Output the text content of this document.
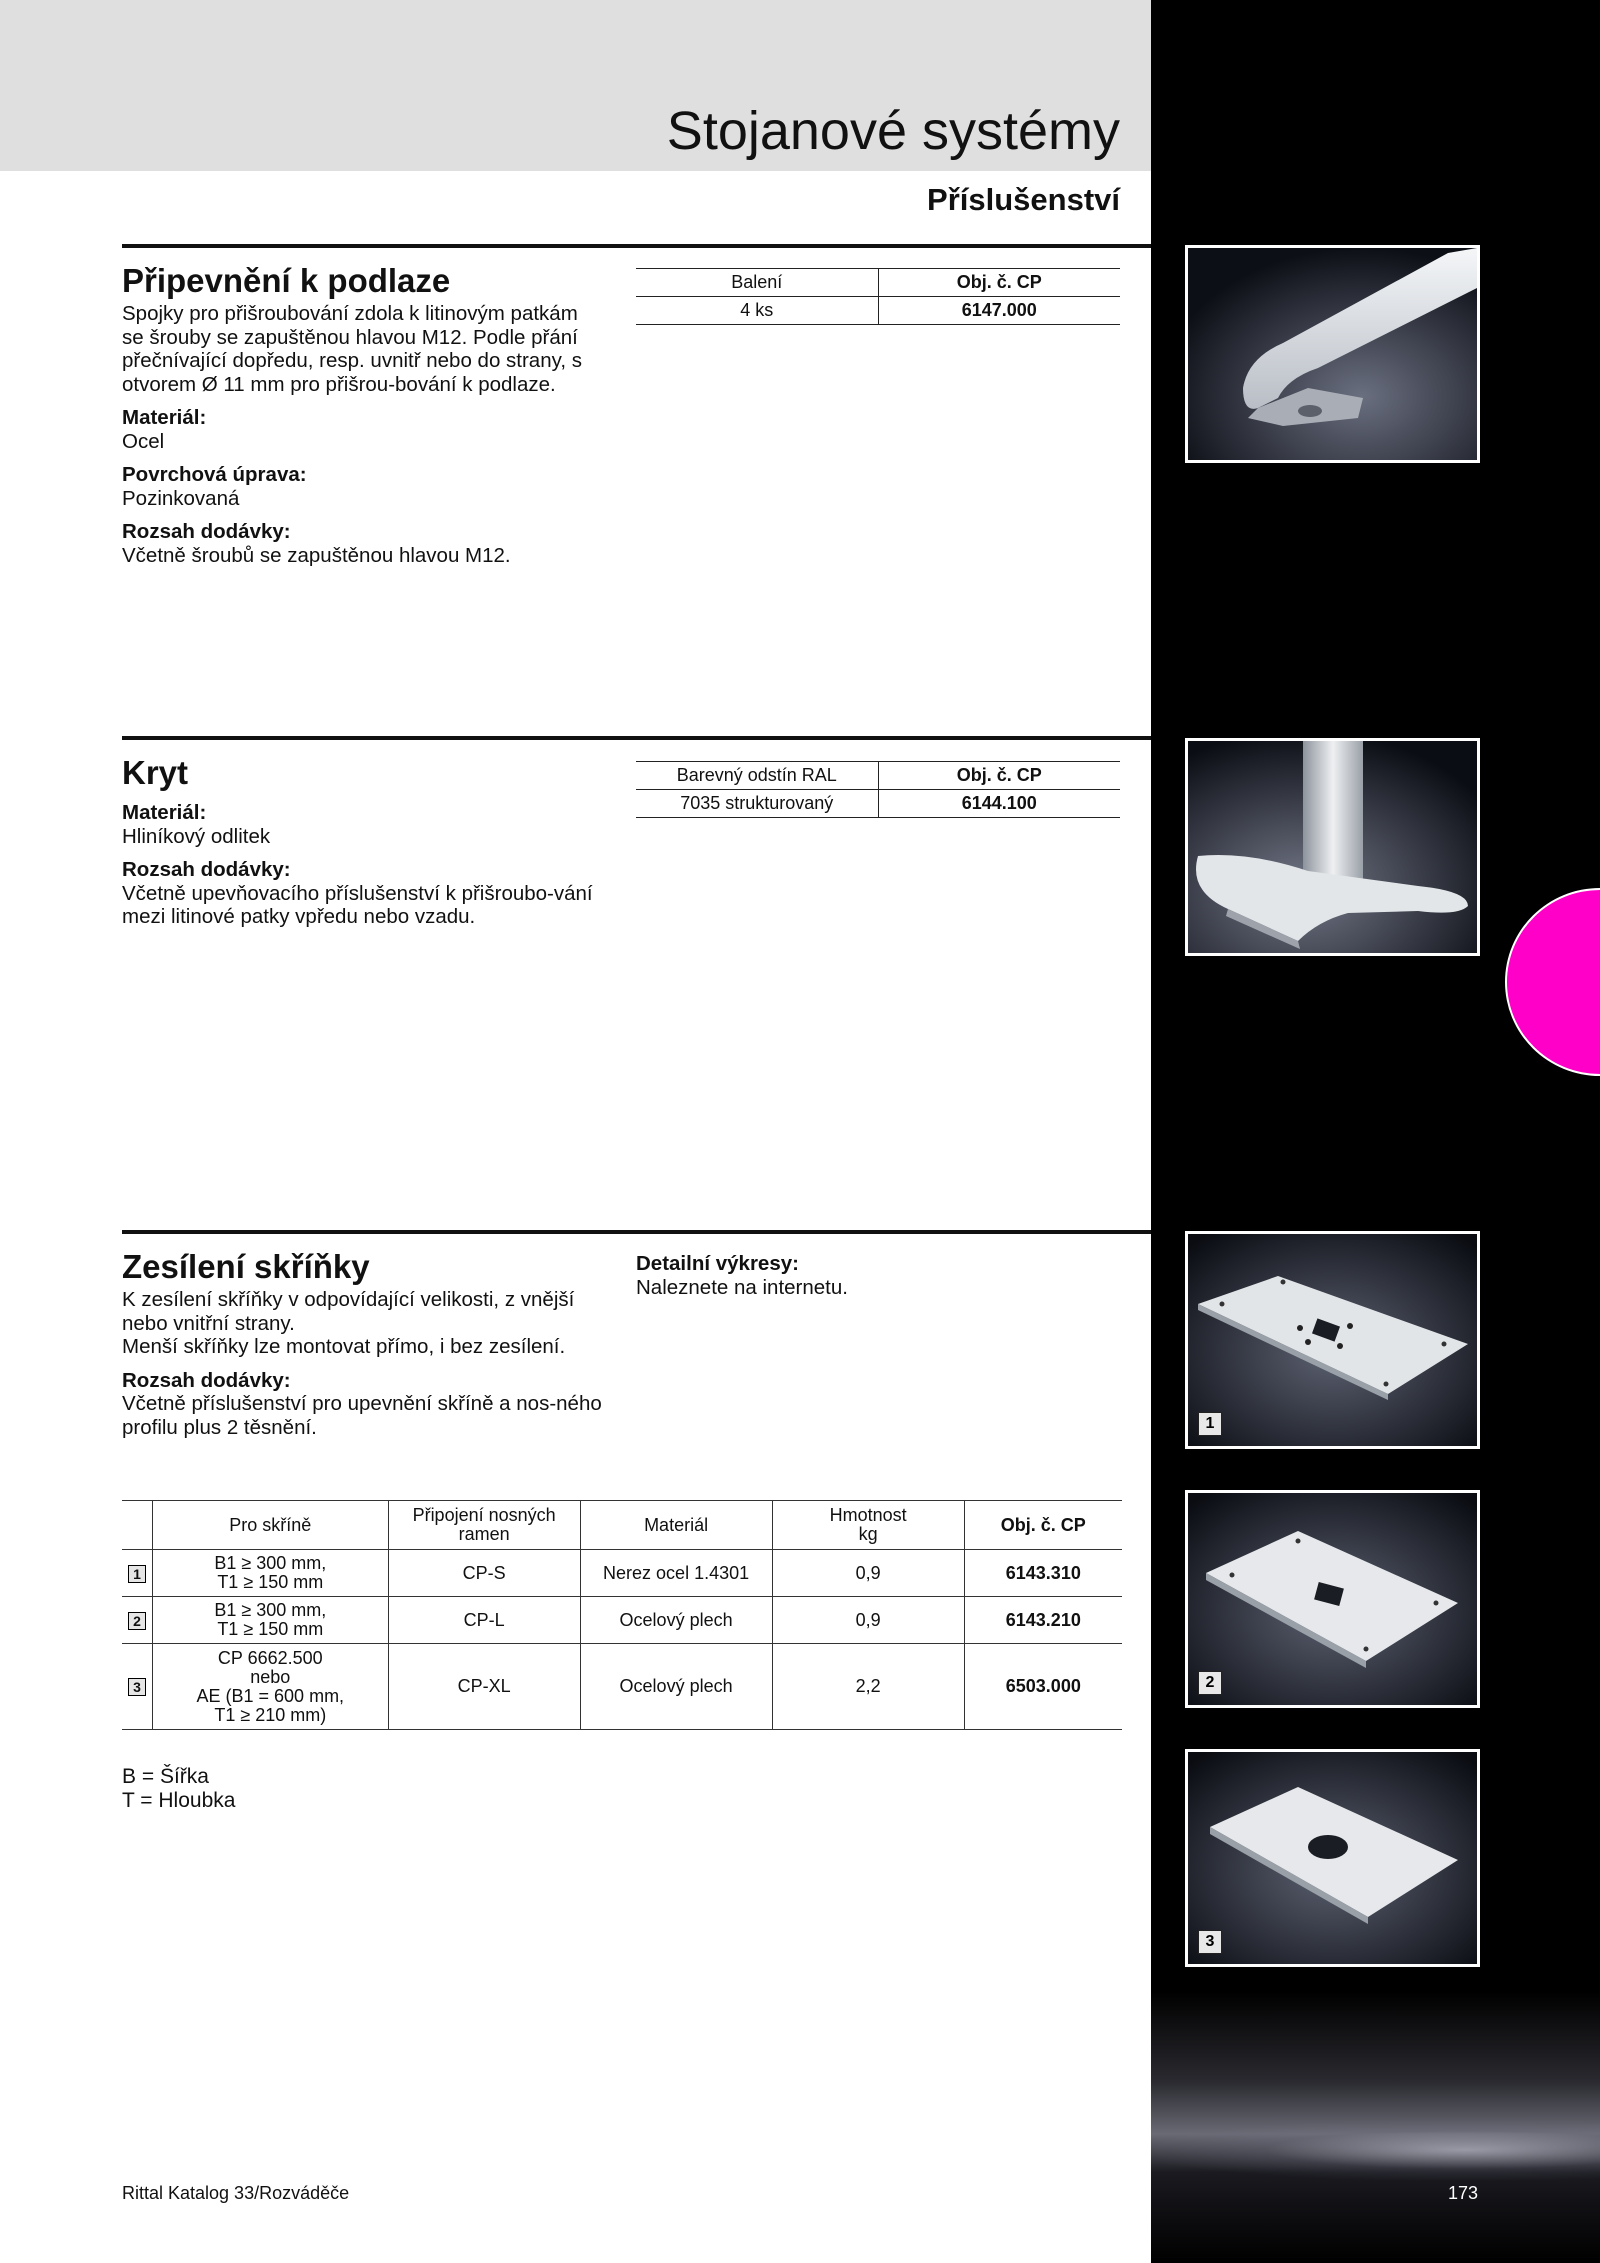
Stojanové systémy
Příslušenství
Připevnění k podlaze

Spojky pro přišroubování zdola k litinovým patkám se šrouby se zapuštěnou hlavou M12. Podle přání přečnívající dopředu, resp. uvnitř nebo do strany, s otvorem Ø 11 mm pro přišrou-bování k podlaze.

Materiál:
Ocel

Povrchová úprava:
Pozinkovaná

Rozsah dodávky:
Včetně šroubů se zapuštěnou hlavou M12.

Balení	Obj. č. CP
4 ks	6147.000
Kryt

Materiál:
Hliníkový odlitek

Rozsah dodávky:
Včetně upevňovacího příslušenství k přišroubo-vání mezi litinové patky vpředu nebo vzadu.

Barevný odstín RAL	Obj. č. CP
7035 strukturovaný	6144.100
Zesílení skříňky

K zesílení skříňky v odpovídající velikosti, z vnější nebo vnitřní strany.
Menší skříňky lze montovat přímo, i bez zesílení.

Rozsah dodávky:
Včetně příslušenství pro upevnění skříně a nos-ného profilu plus 2 těsnění.

Detailní výkresy:
Naleznete na internetu.
	Pro skříně	Připojení nosných
ramen	Materiál	Hmotnost
kg	Obj. č. CP
1	B1 ≥ 300 mm,
T1 ≥ 150 mm	CP-S	Nerez ocel 1.4301	0,9	6143.310
2	B1 ≥ 300 mm,
T1 ≥ 150 mm	CP-L	Ocelový plech	0,9	6143.210
3	CP 6662.500
nebo
AE (B1 = 600 mm,
T1 ≥ 210 mm)	CP-XL	Ocelový plech	2,2	6503.000
B = Šířka
T = Hloubka
1
2
3
Rittal Katalog 33/Rozváděče	173
